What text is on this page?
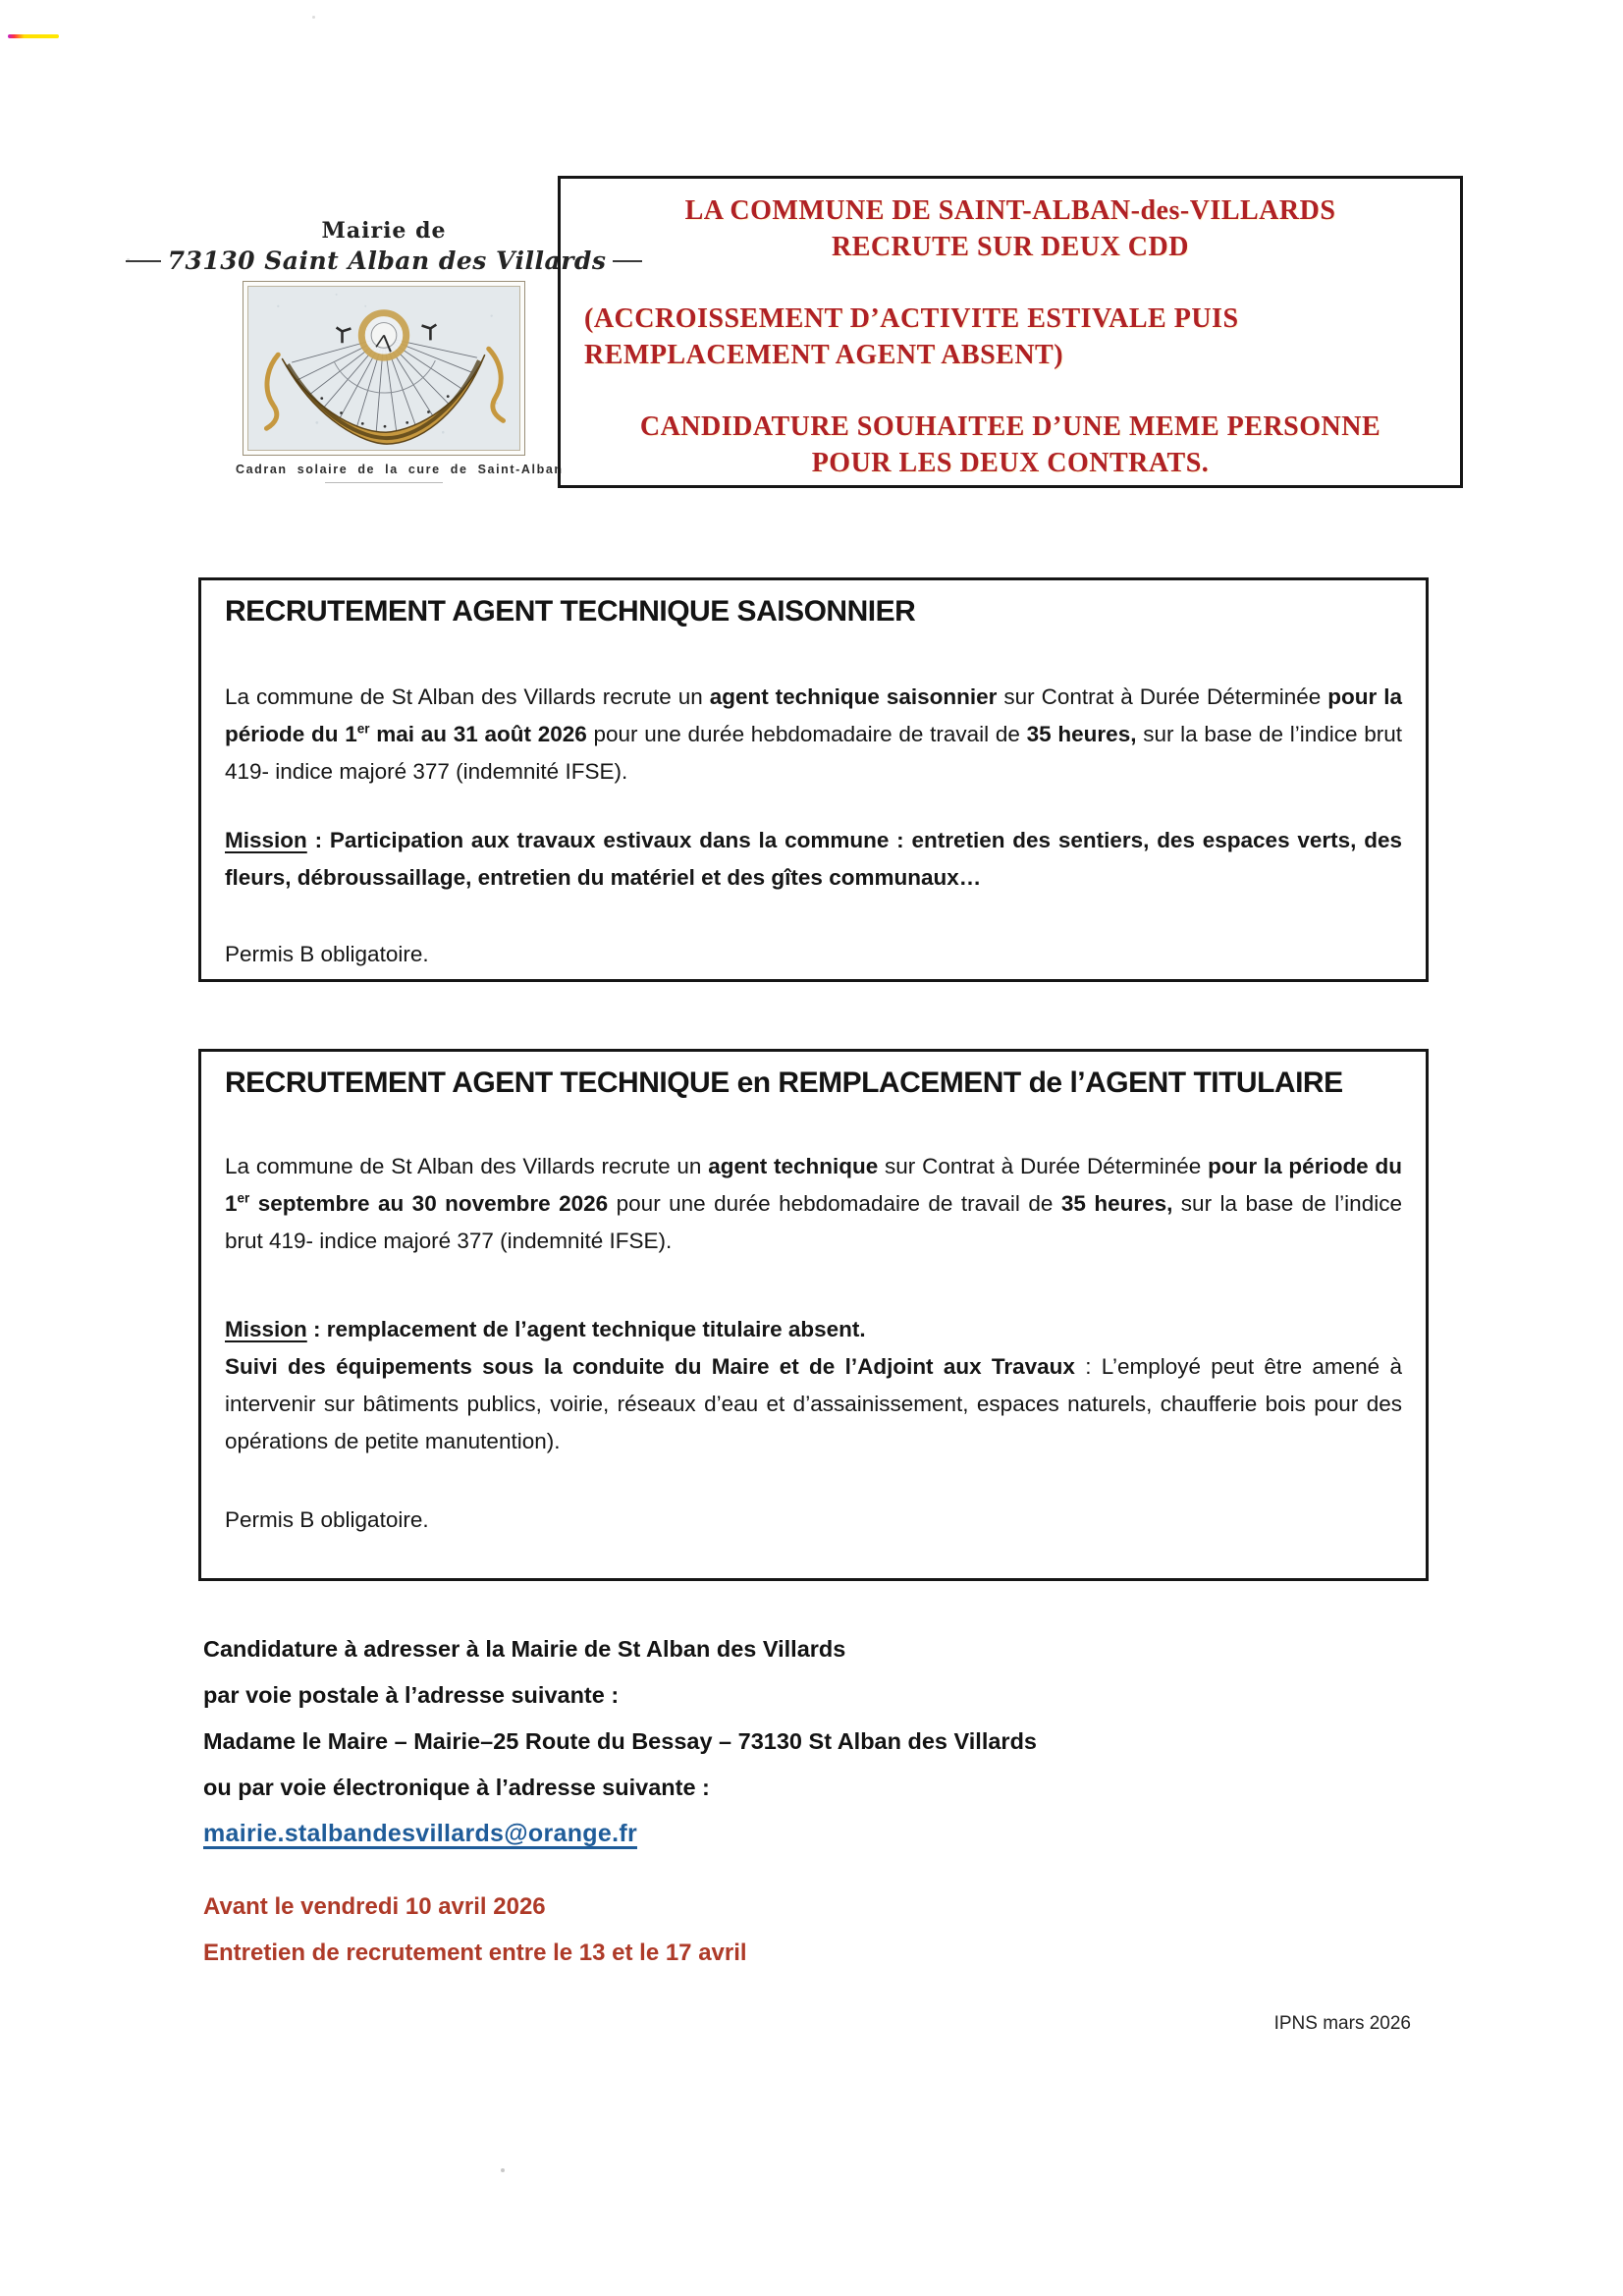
Mairie de
73130 Saint Alban des Villards
Cadran solaire de la cure de Saint-Alban
LA COMMUNE DE SAINT-ALBAN-des-VILLARDS
RECRUTE SUR DEUX CDD
(ACCROISSEMENT D’ACTIVITE ESTIVALE PUIS
REMPLACEMENT AGENT ABSENT)
CANDIDATURE SOUHAITEE D’UNE MEME PERSONNE
POUR LES DEUX CONTRATS.
RECRUTEMENT AGENT TECHNIQUE SAISONNIER
La commune de St Alban des Villards recrute un agent technique saisonnier sur Contrat à Durée Déterminée pour la période du 1er mai au 31 août 2026 pour une durée hebdomadaire de travail de 35 heures, sur la base de l’indice brut 419- indice majoré 377 (indemnité IFSE).
Mission : Participation aux travaux estivaux dans la commune : entretien des sentiers, des espaces verts, des fleurs, débroussaillage, entretien du matériel et des gîtes communaux…
Permis B obligatoire.
RECRUTEMENT AGENT TECHNIQUE en REMPLACEMENT de l’AGENT TITULAIRE
La commune de St Alban des Villards recrute un agent technique sur Contrat à Durée Déterminée pour la période du 1er septembre au 30 novembre 2026 pour une durée hebdomadaire de travail de 35 heures, sur la base de l’indice brut 419- indice majoré 377 (indemnité IFSE).
Mission : remplacement de l’agent technique titulaire absent.
Suivi des équipements sous la conduite du Maire et de l’Adjoint aux Travaux : L’employé peut être amené à intervenir sur bâtiments publics, voirie, réseaux d’eau et d’assainissement, espaces naturels, chaufferie bois pour des opérations de petite manutention).
Permis B obligatoire.
Candidature à adresser à la Mairie de St Alban des Villards
par voie postale à l’adresse suivante :
Madame le Maire – Mairie–25 Route du Bessay – 73130 St Alban des Villards
ou par voie électronique à l’adresse suivante :
mairie.stalbandesvillards@orange.fr
Avant le vendredi 10 avril 2026
Entretien de recrutement entre le 13 et le 17 avril
IPNS mars 2026
